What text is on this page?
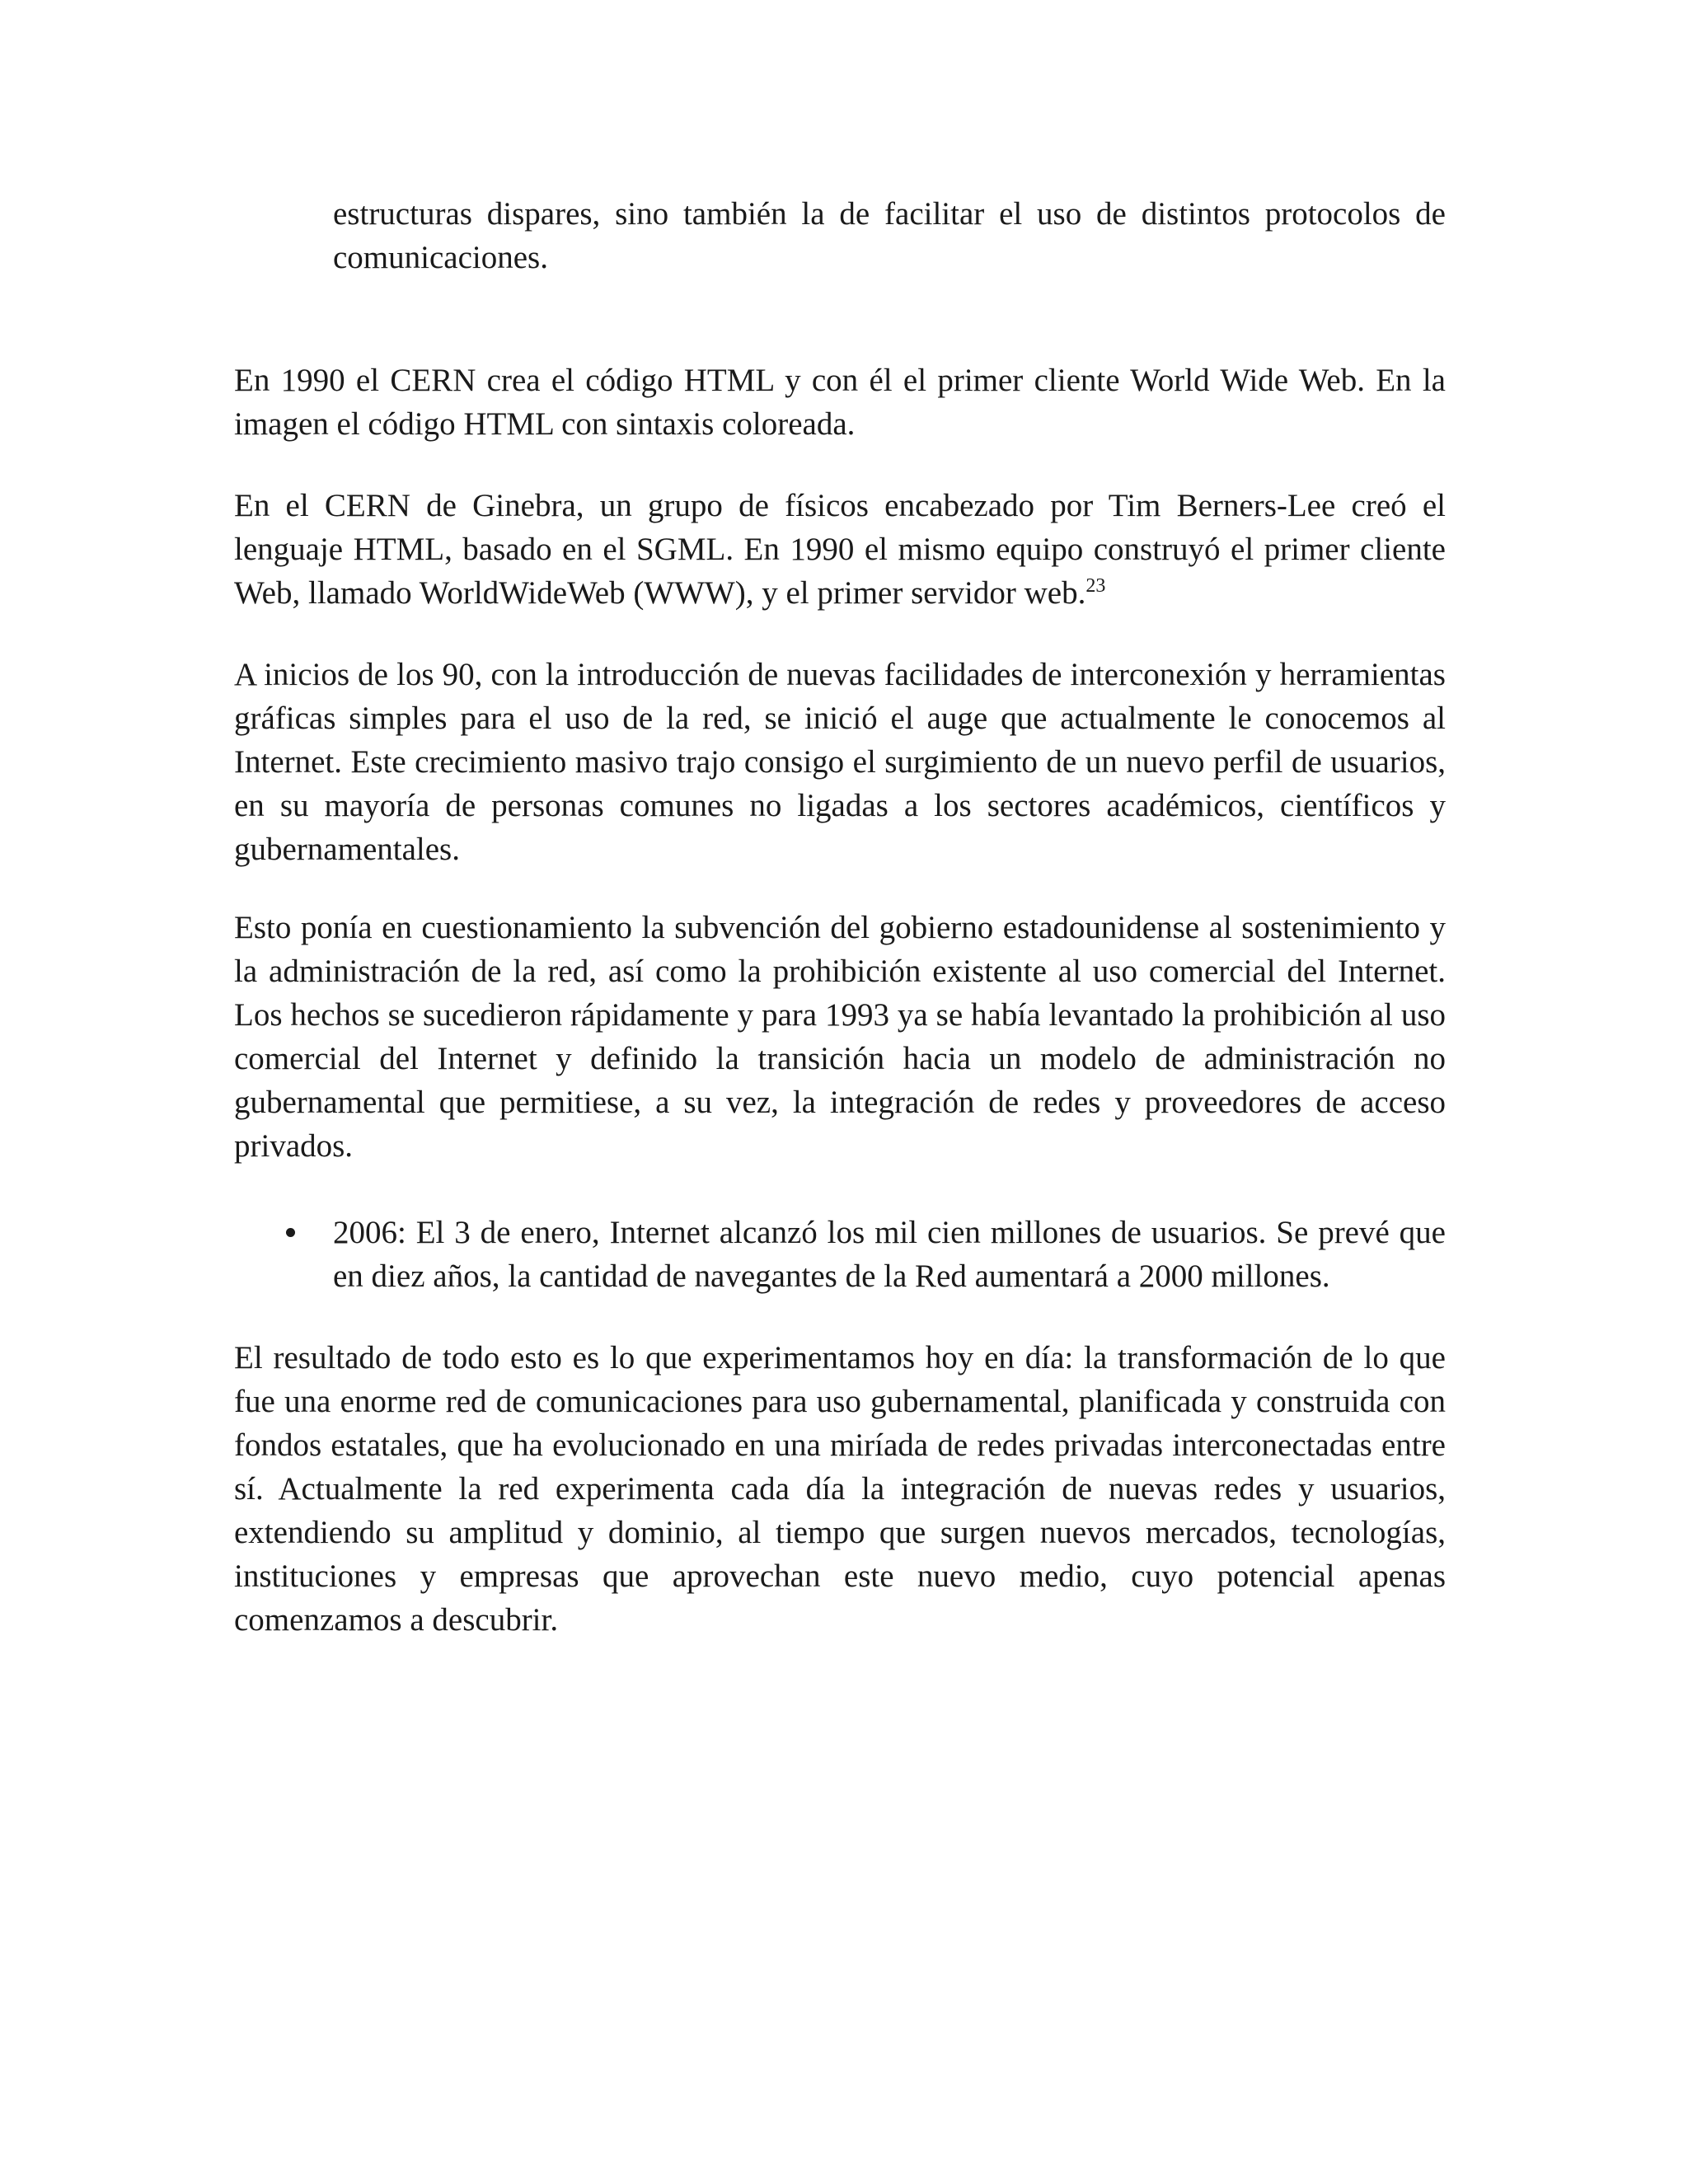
estructuras dispares, sino también la de facilitar el uso de distintos protocolos de comunicaciones.

En 1990 el CERN crea el código HTML y con él el primer cliente World Wide Web. En la imagen el código HTML con sintaxis coloreada.

En el CERN de Ginebra, un grupo de físicos encabezado por Tim Berners-Lee creó el lenguaje HTML, basado en el SGML. En 1990 el mismo equipo construyó el primer cliente Web, llamado WorldWideWeb (WWW), y el primer servidor web.$^{23}$

A inicios de los 90, con la introducción de nuevas facilidades de interconexión y herramientas gráficas simples para el uso de la red, se inició el auge que actualmente le conocemos al Internet. Este crecimiento masivo trajo consigo el surgimiento de un nuevo perfil de usuarios, en su mayoría de personas comunes no ligadas a los sectores académicos, científicos y gubernamentales.

Esto ponía en cuestionamiento la subvención del gobierno estadounidense al sostenimiento y la administración de la red, así como la prohibición existente al uso comercial del Internet. Los hechos se sucedieron rápidamente y para 1993 ya se había levantado la prohibición al uso comercial del Internet y definido la transición hacia un modelo de administración no gubernamental que permitiese, a su vez, la integración de redes y proveedores de acceso privados.

2006: El 3 de enero, Internet alcanzó los mil cien millones de usuarios. Se prevé que en diez años, la cantidad de navegantes de la Red aumentará a 2000 millones.

El resultado de todo esto es lo que experimentamos hoy en día: la transformación de lo que fue una enorme red de comunicaciones para uso gubernamental, planificada y construida con fondos estatales, que ha evolucionado en una miríada de redes privadas interconectadas entre sí. Actualmente la red experimenta cada día la integración de nuevas redes y usuarios, extendiendo su amplitud y dominio, al tiempo que surgen nuevos mercados, tecnologías, instituciones y empresas que aprovechan este nuevo medio, cuyo potencial apenas comenzamos a descubrir.
